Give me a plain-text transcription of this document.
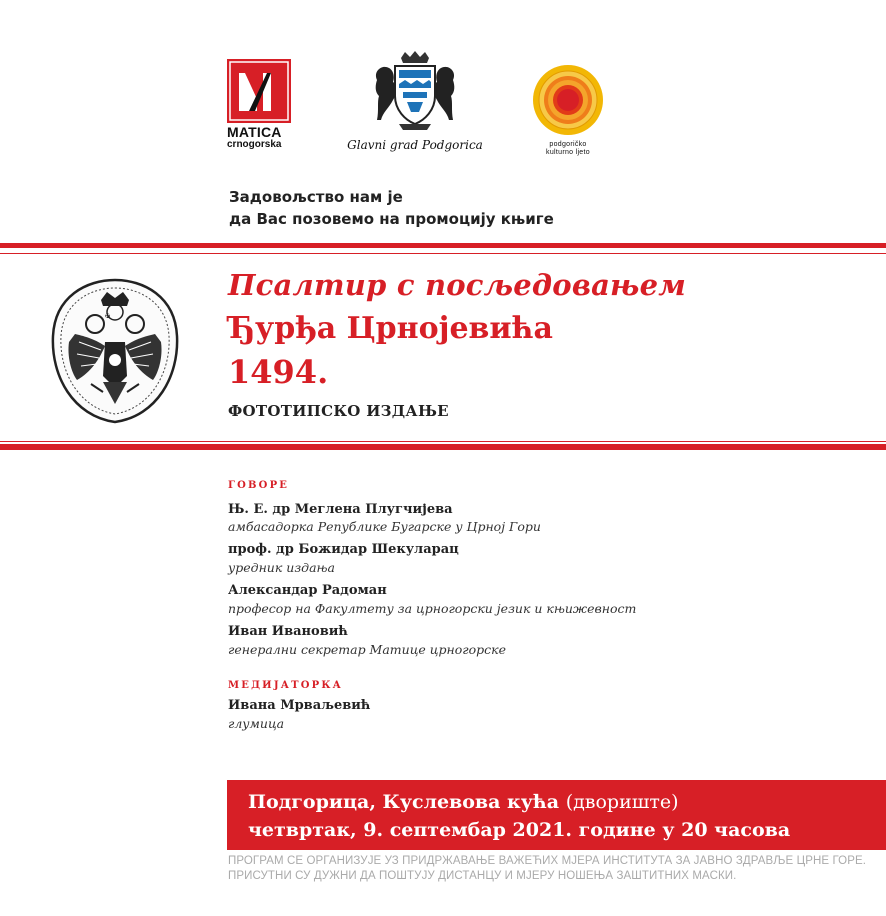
MATICA
crnogorska	Glavni grad Podgorica	podgoričko
kulturno ljeto
Задовољство нам је
да Вас позовемо на промоцију књиге
✠
Псалтир с посљедовањем
Ђурђа Црнојевића
1494.
ФОТОТИПСКО ИЗДАЊЕ
ГОВОРЕ
Њ. Е. др Меглена Плугчијева
амбасадорка Републике Бугарске у Црној Гори
проф. др Божидар Шекуларац
уредник издања
Александар Радоман
професор на Факултету за црногорски језик и књижевност
Иван Ивановић
генерални секретар Матице црногорске
МЕДИЈАТОРКА
Ивана Мрваљевић
глумица
Подгорица, Куслевова кућа (двориште)
четвртак, 9. септембар 2021. године у 20 часова
ПРОГРАМ СЕ ОРГАНИЗУЈЕ УЗ ПРИДРЖАВАЊЕ ВАЖЕЋИХ МЈЕРА ИНСТИТУТА ЗА ЈАВНО ЗДРАВЉЕ ЦРНЕ ГОРЕ.
ПРИСУТНИ СУ ДУЖНИ ДА ПОШТУЈУ ДИСТАНЦУ И МЈЕРУ НОШЕЊА ЗАШТИТНИХ МАСКИ.
